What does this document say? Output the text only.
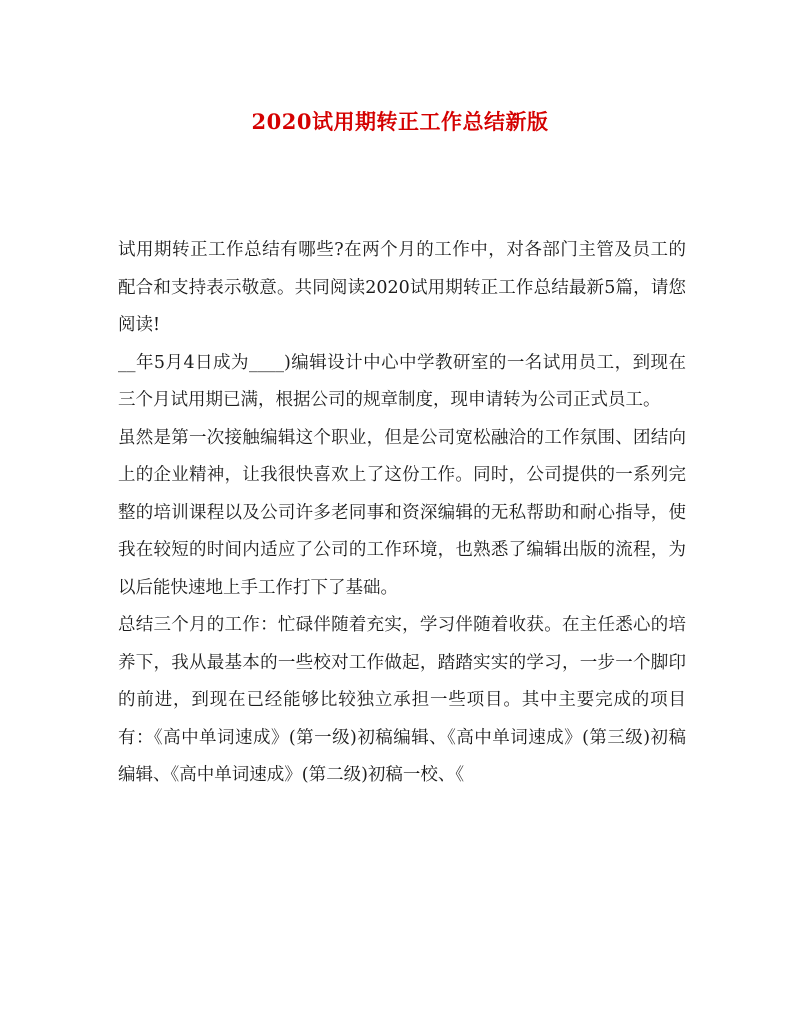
2020试用期转正工作总结新版

试用期转正工作总结有哪些?在两个月的工作中，对各部门主管及员工的配合和支持表示敬意。共同阅读2020试用期转正工作总结最新5篇，请您阅读!

__年5月4日成为____)编辑设计中心中学教研室的一名试用员工，到现在三个月试用期已满，根据公司的规章制度，现申请转为公司正式员工。

虽然是第一次接触编辑这个职业，但是公司宽松融洽的工作氛围、团结向上的企业精神，让我很快喜欢上了这份工作。同时，公司提供的一系列完整的培训课程以及公司许多老同事和资深编辑的无私帮助和耐心指导，使我在较短的时间内适应了公司的工作环境，也熟悉了编辑出版的流程，为以后能快速地上手工作打下了基础。

总结三个月的工作：忙碌伴随着充实，学习伴随着收获。在主任悉心的培养下，我从最基本的一些校对工作做起，踏踏实实的学习，一步一个脚印的前进，到现在已经能够比较独立承担一些项目。其中主要完成的项目有：《高中单词速成》(第一级)初稿编辑、《高中单词速成》(第三级)初稿编辑、《高中单词速成》(第二级)初稿一校、《
